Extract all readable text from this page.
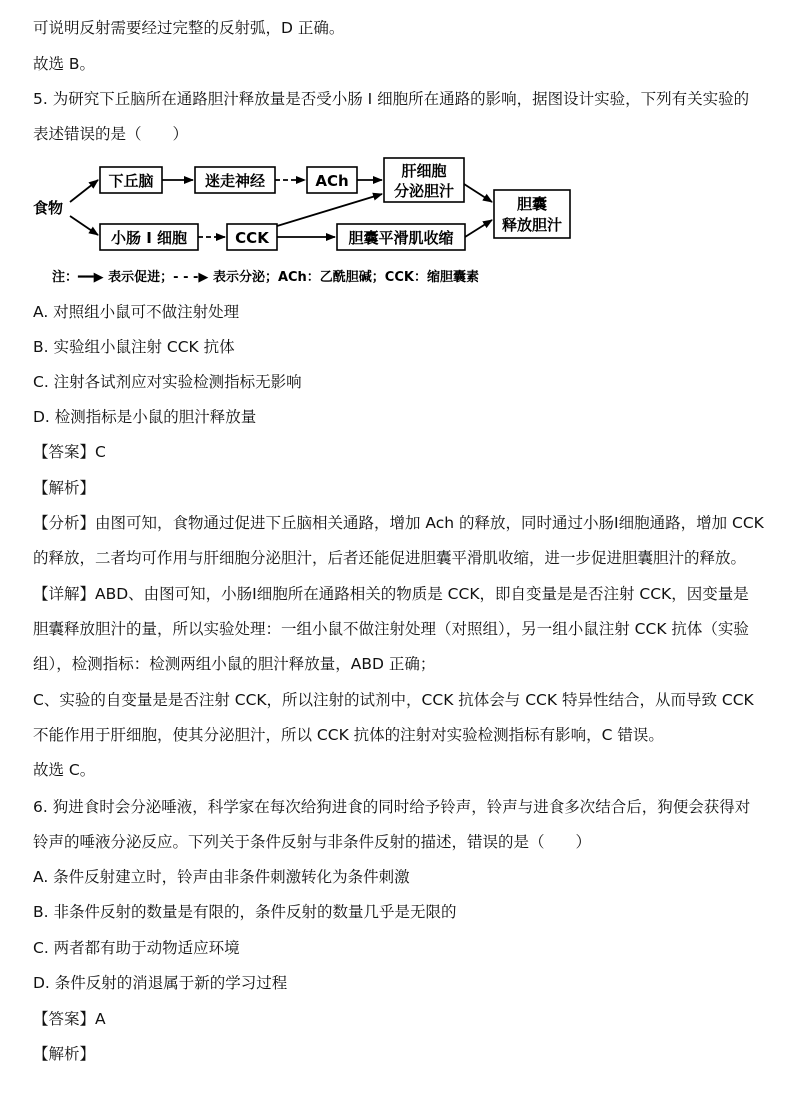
可说明反射需要经过完整的反射弧，D 正确。
故选 B。
5. 为研究下丘脑所在通路胆汁释放量是否受小肠 I 细胞所在通路的影响，据图设计实验，下列有关实验的
表述错误的是（　　）
食物
下丘脑	迷走神经	ACh
肝细胞
分泌胆汁
小肠 I 细胞	CCK	胆囊平滑肌收缩
胆囊
释放胆汁
注：━━▶ 表示促进；- - -▶ 表示分泌；ACh：乙酰胆碱；CCK：缩胆囊素
A. 对照组小鼠可不做注射处理
B. 实验组小鼠注射 CCK 抗体
C. 注射各试剂应对实验检测指标无影响
D. 检测指标是小鼠的胆汁释放量
【答案】C
【解析】
【分析】由图可知，食物通过促进下丘脑相关通路，增加 Ach 的释放，同时通过小肠I细胞通路，增加 CCK
的释放，二者均可作用与肝细胞分泌胆汁，后者还能促进胆囊平滑肌收缩，进一步促进胆囊胆汁的释放。
【详解】ABD、由图可知，小肠I细胞所在通路相关的物质是 CCK，即自变量是是否注射 CCK，因变量是
胆囊释放胆汁的量，所以实验处理：一组小鼠不做注射处理（对照组），另一组小鼠注射 CCK 抗体（实验
组），检测指标：检测两组小鼠的胆汁释放量，ABD 正确；
C、实验的自变量是是否注射 CCK，所以注射的试剂中，CCK 抗体会与 CCK 特异性结合，从而导致 CCK
不能作用于肝细胞，使其分泌胆汁，所以 CCK 抗体的注射对实验检测指标有影响，C 错误。
故选 C。
6. 狗进食时会分泌唾液，科学家在每次给狗进食的同时给予铃声，铃声与进食多次结合后，狗便会获得对
铃声的唾液分泌反应。下列关于条件反射与非条件反射的描述，错误的是（　　）
A. 条件反射建立时，铃声由非条件刺激转化为条件刺激
B. 非条件反射的数量是有限的，条件反射的数量几乎是无限的
C. 两者都有助于动物适应环境
D. 条件反射的消退属于新的学习过程
【答案】A
【解析】
